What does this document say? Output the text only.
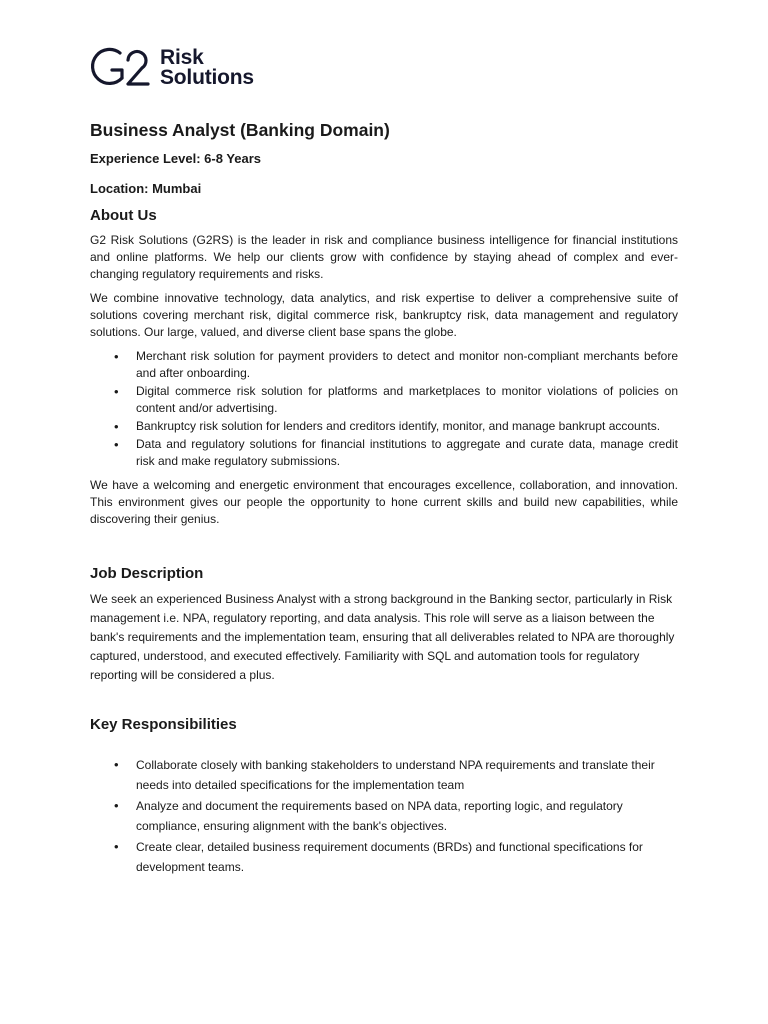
Risk
Solutions
Business Analyst (Banking Domain)
Experience Level: 6-8 Years
Location: Mumbai
About Us

G2 Risk Solutions (G2RS) is the leader in risk and compliance business intelligence for financial institutions and online platforms. We help our clients grow with confidence by staying ahead of complex and ever-changing regulatory requirements and risks.

We combine innovative technology, data analytics, and risk expertise to deliver a comprehensive suite of solutions covering merchant risk, digital commerce risk, bankruptcy risk, data management and regulatory solutions. Our large, valued, and diverse client base spans the globe.

• Merchant risk solution for payment providers to detect and monitor non-compliant merchants before and after onboarding.
• Digital commerce risk solution for platforms and marketplaces to monitor violations of policies on content and/or advertising.
• Bankruptcy risk solution for lenders and creditors identify, monitor, and manage bankrupt accounts.
• Data and regulatory solutions for financial institutions to aggregate and curate data, manage credit risk and make regulatory submissions.

We have a welcoming and energetic environment that encourages excellence, collaboration, and innovation. This environment gives our people the opportunity to hone current skills and build new capabilities, while discovering their genius.

Job Description

We seek an experienced Business Analyst with a strong background in the Banking sector, particularly in Risk management i.e. NPA, regulatory reporting, and data analysis. This role will serve as a liaison between the bank's requirements and the implementation team, ensuring that all deliverables related to NPA are thoroughly captured, understood, and executed effectively. Familiarity with SQL and automation tools for regulatory reporting will be considered a plus.

Key Responsibilities
• Collaborate closely with banking stakeholders to understand NPA requirements and translate their needs into detailed specifications for the implementation team
• Analyze and document the requirements based on NPA data, reporting logic, and regulatory compliance, ensuring alignment with the bank's objectives.
• Create clear, detailed business requirement documents (BRDs) and functional specifications for development teams.
